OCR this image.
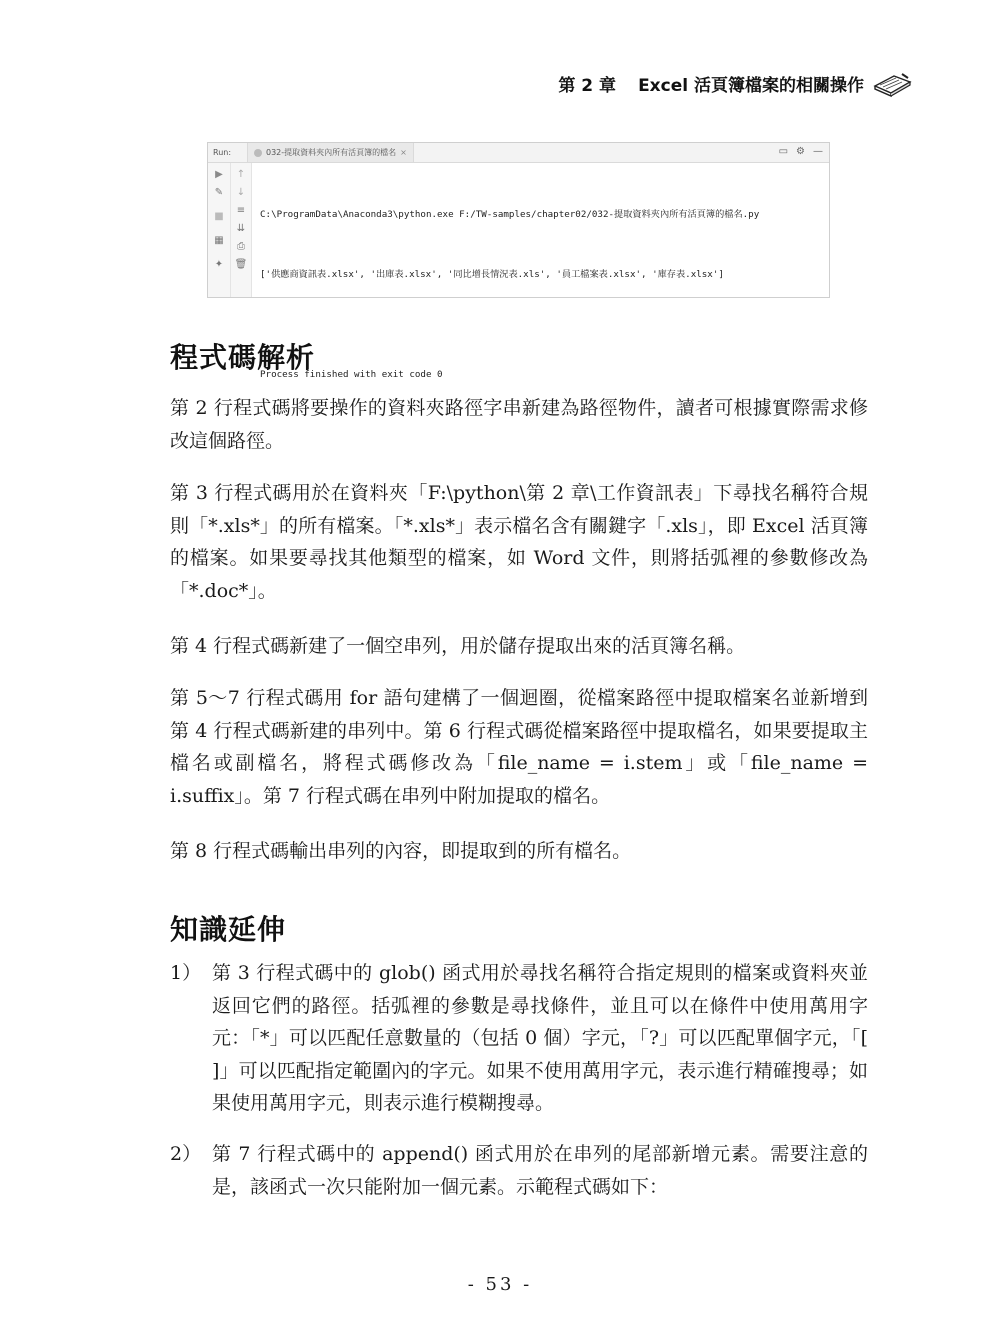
第 2 章 Excel 活頁簿檔案的相關操作
Run:	032-提取資料夾內所有活頁簿的檔名 ×	▭ ⚙ —
▶
✎
■
▦
✦
↑
↓
≡
⇊
⎙
🗑

C:\ProgramData\Anaconda3\python.exe F:/TW-samples/chapter02/032-提取資料夾內所有活頁簿的檔名.py

['供應商資訊表.xlsx', '出庫表.xlsx', '同比增長情況表.xls', '員工檔案表.xlsx', '庫存表.xlsx']

Process finished with exit code 0

程式碼解析
第 2 行程式碼將要操作的資料夾路徑字串新建為路徑物件，讀者可根據實際需求修改這個路徑。
第 3 行程式碼用於在資料夾「F:\python\第 2 章\工作資訊表」下尋找名稱符合規則「*.xls*」的所有檔案。「*.xls*」表示檔名含有關鍵字「.xls」，即 Excel 活頁簿的檔案。如果要尋找其他類型的檔案，如 Word 文件，則將括弧裡的參數修改為「*.doc*」。
第 4 行程式碼新建了一個空串列，用於儲存提取出來的活頁簿名稱。
第 5～7 行程式碼用 for 語句建構了一個迴圈，從檔案路徑中提取檔案名並新增到第 4 行程式碼新建的串列中。第 6 行程式碼從檔案路徑中提取檔名，如果要提取主檔名或副檔名，將程式碼修改為「file_name = i.stem」或「file_name = i.suffix」。第 7 行程式碼在串列中附加提取的檔名。
第 8 行程式碼輸出串列的內容，即提取到的所有檔名。
知識延伸
1） 第 3 行程式碼中的 glob() 函式用於尋找名稱符合指定規則的檔案或資料夾並返回它們的路徑。括弧裡的參數是尋找條件，並且可以在條件中使用萬用字元：「*」可以匹配任意數量的（包括 0 個）字元，「?」可以匹配單個字元，「[ ]」可以匹配指定範圍內的字元。如果不使用萬用字元，表示進行精確搜尋；如果使用萬用字元，則表示進行模糊搜尋。
2） 第 7 行程式碼中的 append() 函式用於在串列的尾部新增元素。需要注意的是，該函式一次只能附加一個元素。示範程式碼如下：
- 53 -
